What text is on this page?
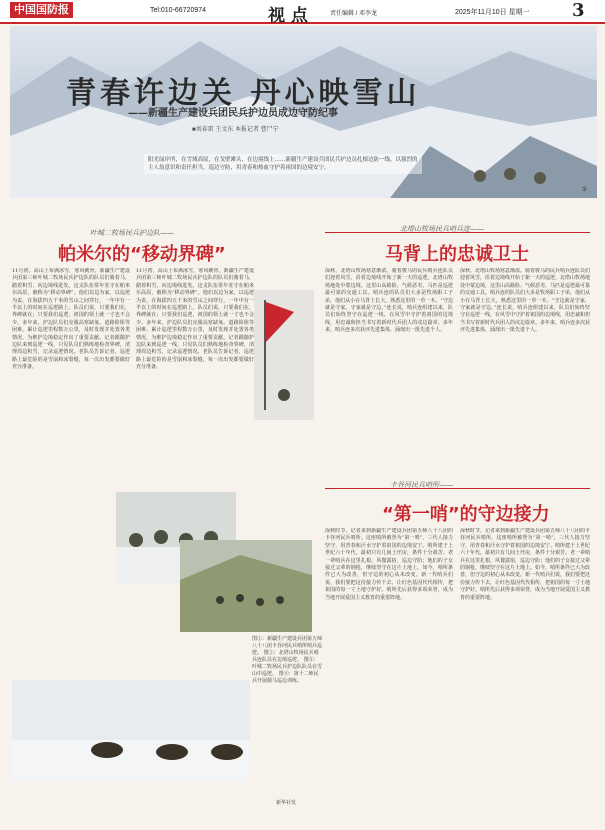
中国国防报	Tel:010-66720974	视 点	责任编辑 / 邓李龙	2025年11月10日 星期一 3
青春许边关 丹心映雪山
——新疆生产建设兵团民兵护边员成边守防纪事
■刘春雷 王文东 本报记者 曹尸宁
阳光绿岸所，在雪域高原，在戈壁滩头，在边境线上……新疆生产建设兵团民兵护边员扎根边防一线，以强烈的主人翁意识和责任担当，巡边守防，用青春和热血守护着祖国的边境安宁。
①
叶城二牧场民兵护边队——
帕米尔的“移动界碑”
11月初，高山上布满冰雪，寒风刺骨。新疆生产建设兵团第三师叶城二牧场民兵护边队的队员们骑着马，踏着积雪，向边境线进发。这支队伍常年驻守在帕米尔高原，被称为“移动界碑”。他们以边为家，以巡逻为责，在海拔四五千米的雪山之间穿行，一年中有一半以上的时间在巡逻路上。队员们说，只要我们在，界碑就在；只要我们巡逻，祖国的领土就一寸也不会少。多年来，护边队员们克服高寒缺氧、道路险阻等困难，累计巡逻里程数万公里，及时发现并处置各类情况，为维护边境稳定作出了重要贡献。记者跟随护边队来到巡逻一线，只见队员们熟练地检查界碑，清理周边积雪，记录巡逻情况。老队员告诉记者，巡逻路上最危险的是雪崩和冰裂缝，每一次出发都要做好充分准备。
11月初，高山上布满冰雪，寒风刺骨。新疆生产建设兵团第三师叶城二牧场民兵护边队的队员们骑着马，踏着积雪，向边境线进发。这支队伍常年驻守在帕米尔高原，被称为“移动界碑”。他们以边为家，以巡逻为责，在海拔四五千米的雪山之间穿行，一年中有一半以上的时间在巡逻路上。队员们说，只要我们在，界碑就在；只要我们巡逻，祖国的领土就一寸也不会少。多年来，护边队员们克服高寒缺氧、道路险阻等困难，累计巡逻里程数万公里，及时发现并处置各类情况，为维护边境稳定作出了重要贡献。记者跟随护边队来到巡逻一线，只见队员们熟练地检查界碑，清理周边积雪，记录巡逻情况。老队员告诉记者，巡逻路上最危险的是雪崩和冰裂缝，每一次出发都要做好充分准备。
图①：新疆生产建设兵团第五师八十八团卡谷河民兵哨所哨兵巡逻。 图②：北塔山牧场民兵哨兵连队员在边境巡逻。 图③：叶城二牧场民兵护边队队员在雪山中巡逻。 图④：第十二师民兵开展骑马巡边训练。
新华社发
北塔山牧场民兵哨兵连——
马背上的忠诚卫士
深秋，北塔山牧场寒意渐浓。骑着骏马的民兵哨兵连队员们迎着风雪，沿着边境线开始了新一天的巡逻。北塔山牧场地处中蒙边境，这里山高路险、气候恶劣，马匹是巡逻最可靠的交通工具。哨兵连的队员们大多是牧场职工子弟，他们从小在马背上长大，熟悉这里的一草一木。“守边就是守家，守家就是守边。”连长说，哨兵连组建以来，队员们始终坚守在巡逻一线，在风雪中守护着祖国的边境线，用忠诚和担当书写着新时代兵团人的戍边篇章。多年来，哨兵连多次获评先进集体，涌现出一批先进个人。
深秋，北塔山牧场寒意渐浓。骑着骏马的民兵哨兵连队员们迎着风雪，沿着边境线开始了新一天的巡逻。北塔山牧场地处中蒙边境，这里山高路险、气候恶劣，马匹是巡逻最可靠的交通工具。哨兵连的队员们大多是牧场职工子弟，他们从小在马背上长大，熟悉这里的一草一木。“守边就是守家，守家就是守边。”连长说，哨兵连组建以来，队员们始终坚守在巡逻一线，在风雪中守护着祖国的边境线，用忠诚和担当书写着新时代兵团人的戍边篇章。多年来，哨兵连多次获评先进集体，涌现出一批先进个人。
卡谷河民兵哨所——
“第一哨”的守边接力
深秋时节，记者来到新疆生产建设兵团第五师八十八团的卡谷河民兵哨所。这座哨所被誉为“第一哨”，三代人接力坚守，用青春和汗水守护着祖国的边境安宁。哨所建于上世纪六十年代，最初只有几间土坯房，条件十分艰苦。老一辈哨兵在这里扎根，风餐露宿，巡边守防；他们的子女接过父辈的钢枪，继续坚守在这片土地上。如今，哨所条件已大为改善，但守边的初心从未改变。新一代哨兵们说，我们要把这份接力传下去，让红色基因代代相传，把祖国的每一寸土地守护好。哨所先后获得多项荣誉，成为当地开展爱国主义教育的重要阵地。
深秋时节，记者来到新疆生产建设兵团第五师八十八团的卡谷河民兵哨所。这座哨所被誉为“第一哨”，三代人接力坚守，用青春和汗水守护着祖国的边境安宁。哨所建于上世纪六十年代，最初只有几间土坯房，条件十分艰苦。老一辈哨兵在这里扎根，风餐露宿，巡边守防；他们的子女接过父辈的钢枪，继续坚守在这片土地上。如今，哨所条件已大为改善，但守边的初心从未改变。新一代哨兵们说，我们要把这份接力传下去，让红色基因代代相传，把祖国的每一寸土地守护好。哨所先后获得多项荣誉，成为当地开展爱国主义教育的重要阵地。
